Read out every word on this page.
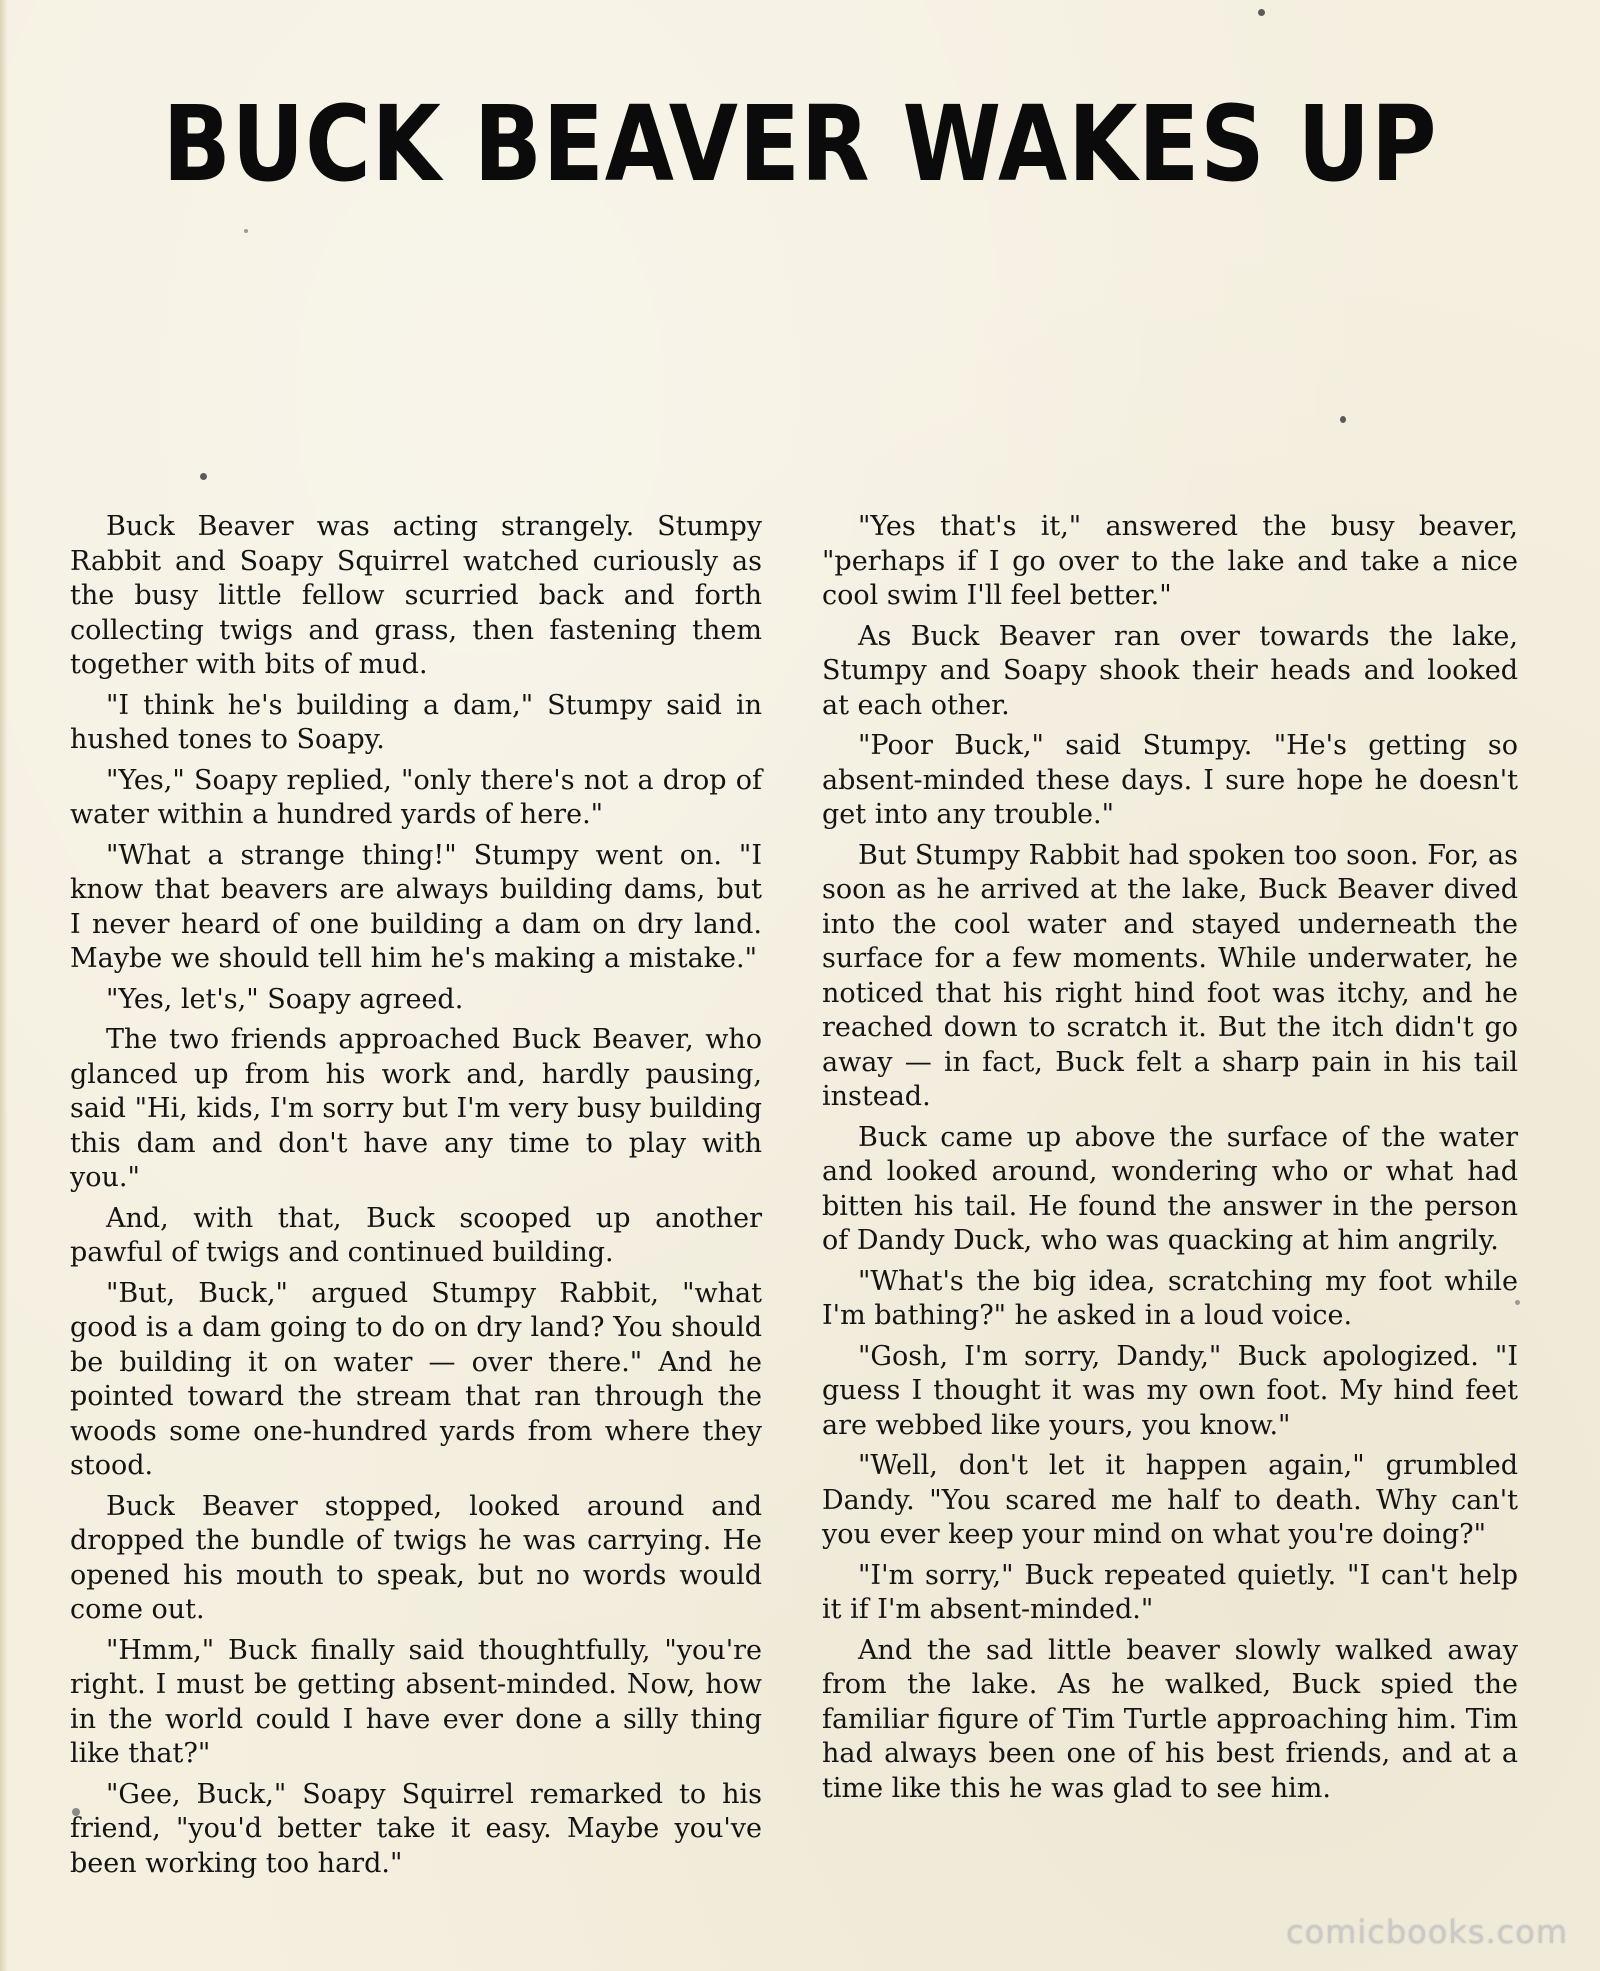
BUCK BEAVER WAKES UP

Buck Beaver was acting strangely. Stumpy Rabbit and Soapy Squirrel watched curiously as the busy little fellow scurried back and forth collecting twigs and grass, then fastening them together with bits of mud.

"I think he's building a dam," Stumpy said in hushed tones to Soapy.

"Yes," Soapy replied, "only there's not a drop of water within a hundred yards of here."

"What a strange thing!" Stumpy went on. "I know that beavers are always building dams, but I never heard of one building a dam on dry land. Maybe we should tell him he's making a mistake."

"Yes, let's," Soapy agreed.

The two friends approached Buck Beaver, who glanced up from his work and, hardly pausing, said "Hi, kids, I'm sorry but I'm very busy building this dam and don't have any time to play with you."

And, with that, Buck scooped up another pawful of twigs and continued building.

"But, Buck," argued Stumpy Rabbit, "what good is a dam going to do on dry land? You should be building it on water — over there." And he pointed toward the stream that ran through the woods some one-hundred yards from where they stood.

Buck Beaver stopped, looked around and dropped the bundle of twigs he was carrying. He opened his mouth to speak, but no words would come out.

"Hmm," Buck finally said thoughtfully, "you're right. I must be getting absent-minded. Now, how in the world could I have ever done a silly thing like that?"

"Gee, Buck," Soapy Squirrel remarked to his friend, "you'd better take it easy. Maybe you've been working too hard."

"Yes that's it," answered the busy beaver, "perhaps if I go over to the lake and take a nice cool swim I'll feel better."

As Buck Beaver ran over towards the lake, Stumpy and Soapy shook their heads and looked at each other.

"Poor Buck," said Stumpy. "He's getting so absent-minded these days. I sure hope he doesn't get into any trouble."

But Stumpy Rabbit had spoken too soon. For, as soon as he arrived at the lake, Buck Beaver dived into the cool water and stayed underneath the surface for a few moments. While underwater, he noticed that his right hind foot was itchy, and he reached down to scratch it. But the itch didn't go away — in fact, Buck felt a sharp pain in his tail instead.

Buck came up above the surface of the water and looked around, wondering who or what had bitten his tail. He found the answer in the person of Dandy Duck, who was quacking at him angrily.

"What's the big idea, scratching my foot while I'm bathing?" he asked in a loud voice.

"Gosh, I'm sorry, Dandy," Buck apologized. "I guess I thought it was my own foot. My hind feet are webbed like yours, you know."

"Well, don't let it happen again," grumbled Dandy. "You scared me half to death. Why can't you ever keep your mind on what you're doing?"

"I'm sorry," Buck repeated quietly. "I can't help it if I'm absent-minded."

And the sad little beaver slowly walked away from the lake. As he walked, Buck spied the familiar figure of Tim Turtle approaching him. Tim had always been one of his best friends, and at a time like this he was glad to see him.

comicbooks.com
